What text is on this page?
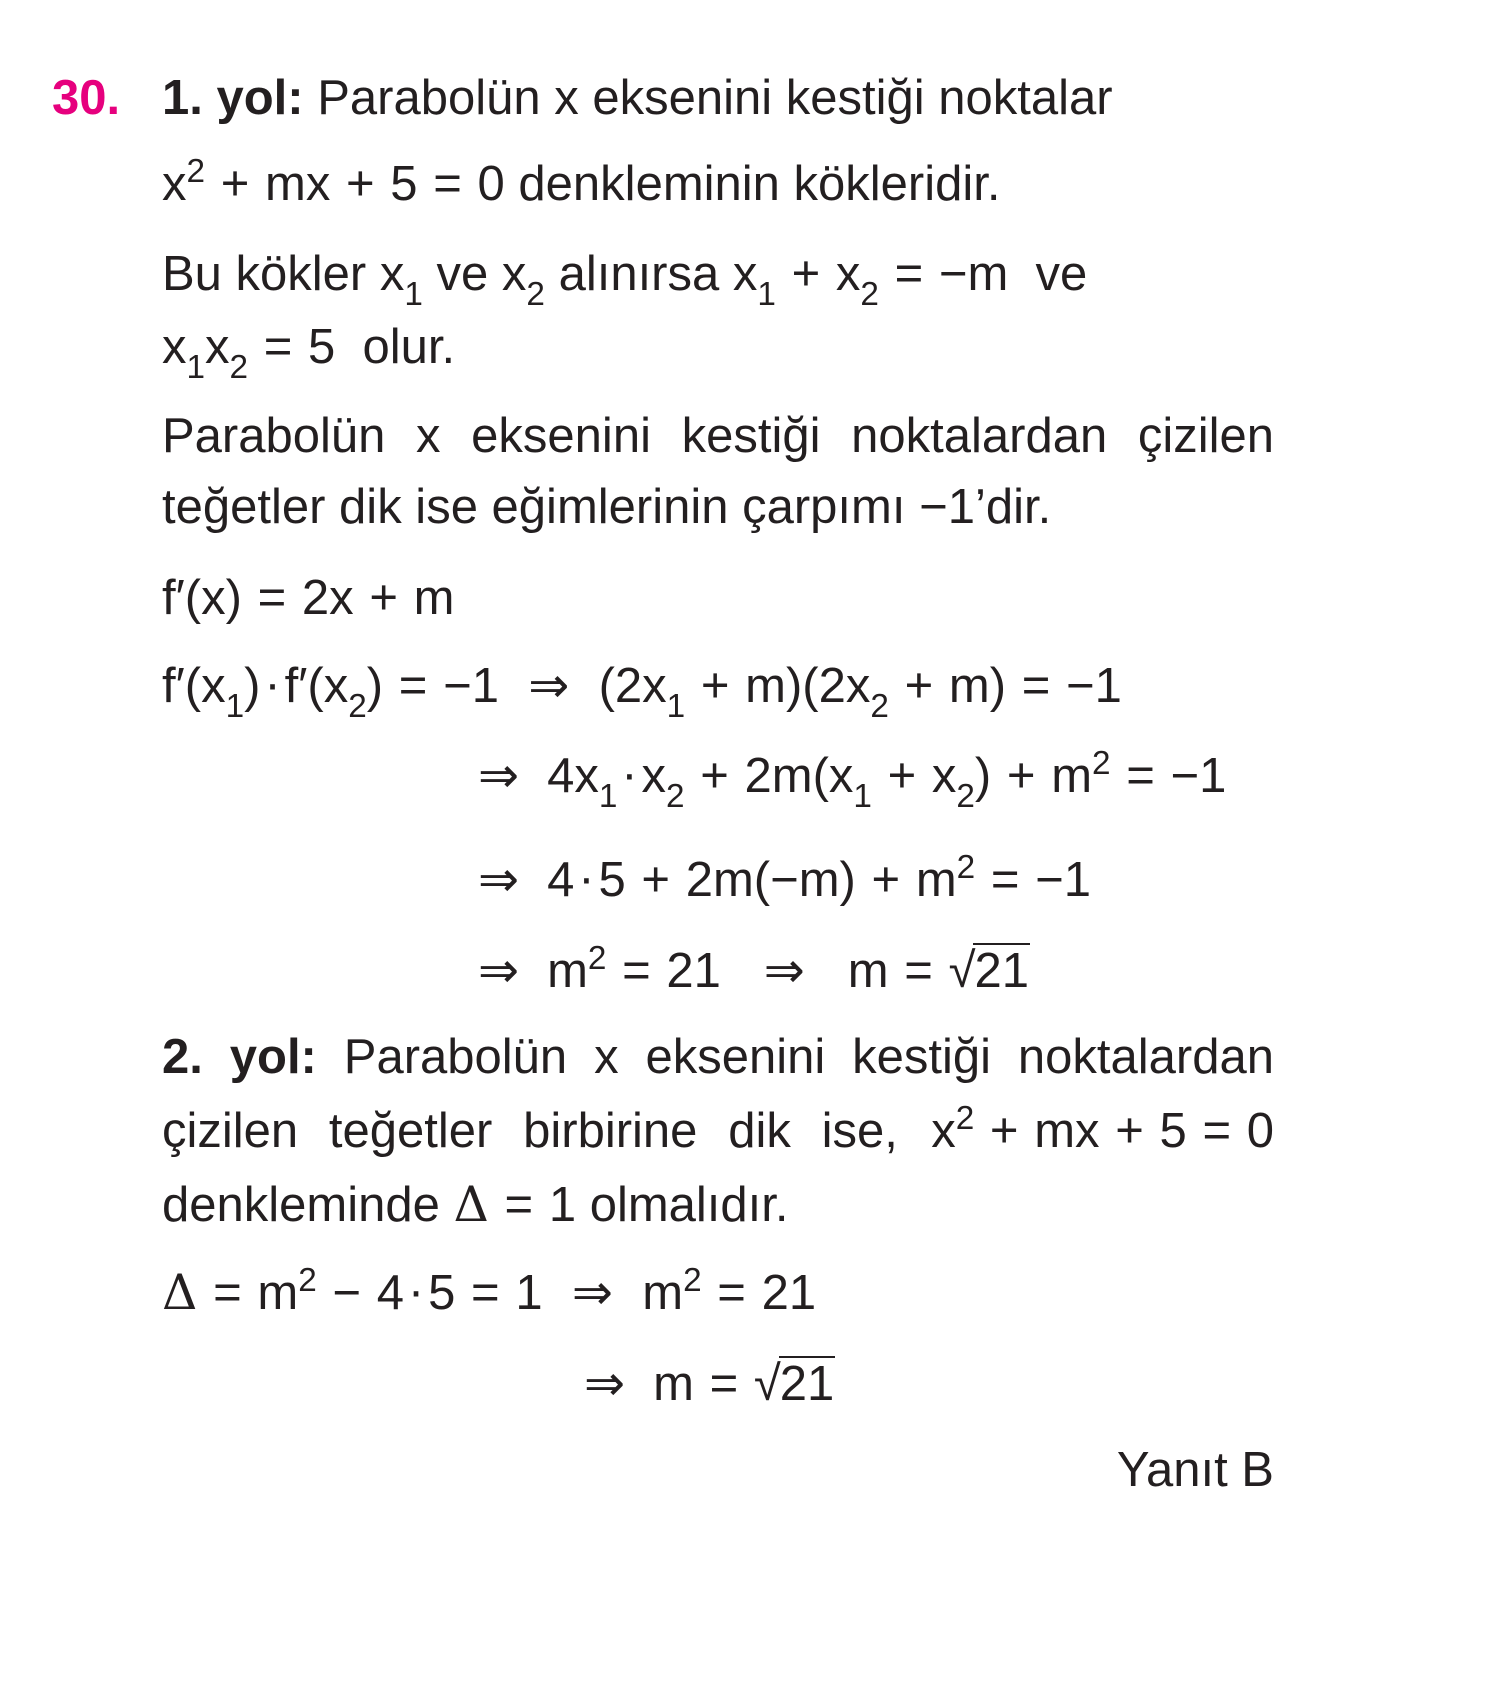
30. 1. yol: Parabolün x eksenini kestiği noktalar
$x^2$ + mx + 5 = 0 denkleminin kökleridir.
Bu kökler $x_1$ ve $x_2$ alınırsa $x_1 + x_2 = -m$  ve
$x_1x_2 = 5$ olur.
Parabolün x eksenini kestiği noktalardan çizilen
teğetler dik ise eğimlerinin çarpımı −1’dir.
f′(x) = 2x + m
$f'(x_1)\cdot f'(x_2) = -1$ ⇒ $(2x_1 + m)(2x_2 + m) = -1$
⇒ $4x_1\cdot x_2 + 2m(x_1 + x_2) + m^2 = -1$
⇒ $4\cdot 5 + 2m(-m) + m^2 = -1$
⇒ $m^2 = 21$  ⇒  m = √21
2. yol: Parabolün x eksenini kestiği noktalardan
çizilen teğetler birbirine dik ise, $x^2$ + mx + 5 = 0
denkleminde Δ = 1 olmalıdır.
$\Delta = m^2 - 4\cdot 5 = 1$ ⇒ $m^2 = 21$
⇒ m = √21
Yanıt B
